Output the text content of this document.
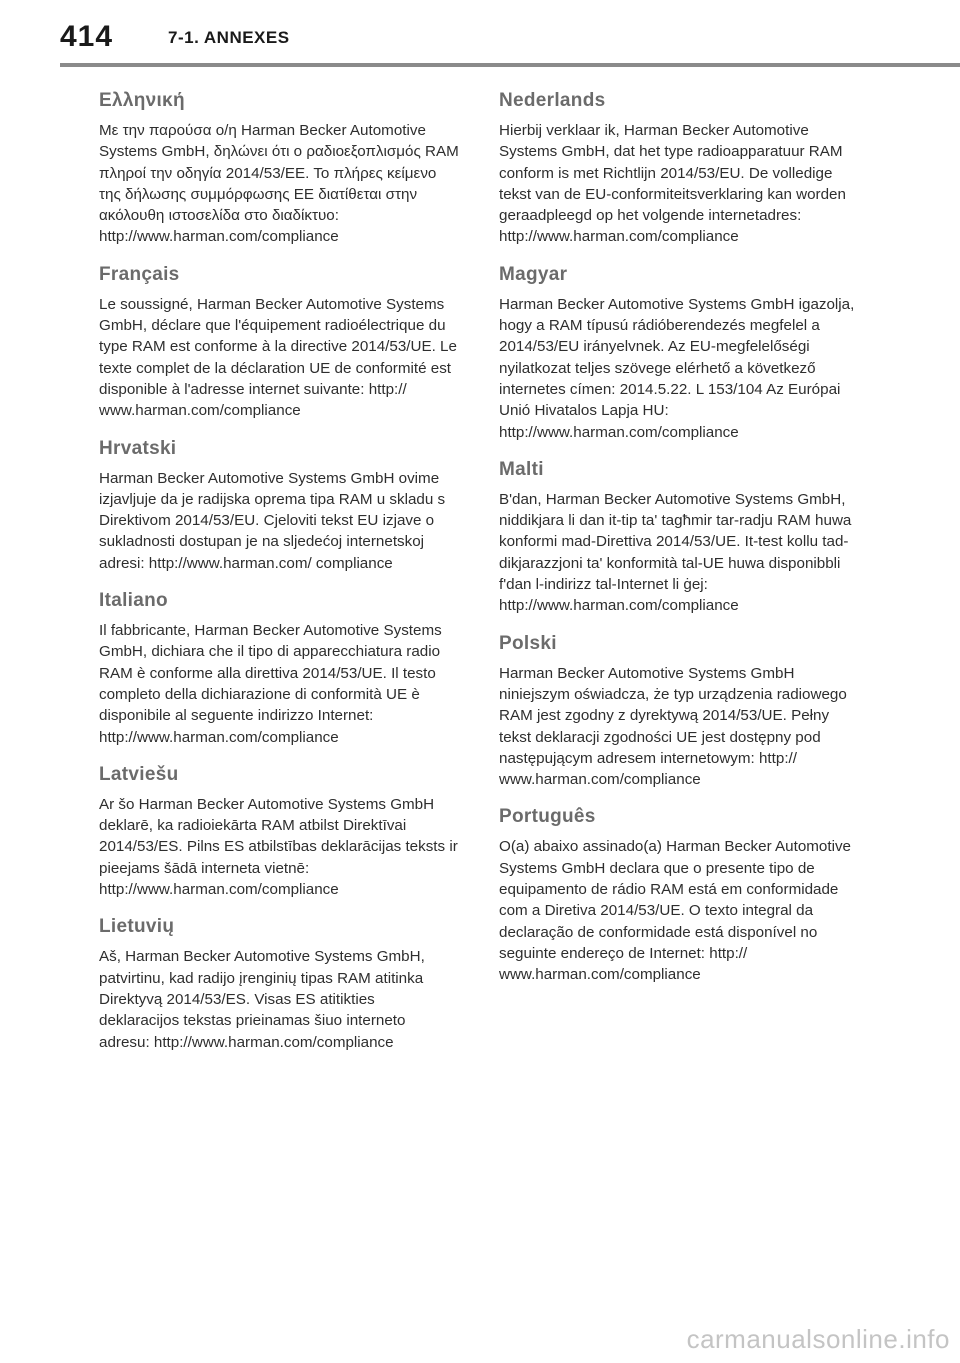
414	7-1. ANNEXES
Ελληνική

Με την παρούσα ο/η Harman Becker Automotive Systems GmbH, δηλώνει ότι ο ραδιοεξοπλισμός RAM πληροί την οδηγία 2014/53/ΕΕ. Το πλήρες κείμενο της δήλωσης συμμόρφωσης ΕΕ διατίθεται στην ακόλουθη ιστοσελίδα στο διαδίκτυο: http://www.harman.com/compliance

Français

Le soussigné, Harman Becker Automotive Systems GmbH, déclare que l'équipement radioélectrique du type RAM est conforme à la directive 2014/53/UE. Le texte complet de la déclaration UE de conformité est disponible à l'adresse internet suivante: http:// www.harman.com/compliance

Hrvatski

Harman Becker Automotive Systems GmbH ovime izjavljuje da je radijska oprema tipa RAM u skladu s Direktivom 2014/53/EU. Cjeloviti tekst EU izjave o sukladnosti dostupan je na sljedećoj internetskoj adresi: http://www.harman.com/ compliance

Italiano

Il fabbricante, Harman Becker Automotive Systems GmbH, dichiara che il tipo di apparecchiatura radio RAM è conforme alla direttiva 2014/53/UE. Il testo completo della dichiarazione di conformità UE è disponibile al seguente indirizzo Internet: http://www.harman.com/compliance

Latviešu

Ar šo Harman Becker Automotive Systems GmbH deklarē, ka radioiekārta RAM atbilst Direktīvai 2014/53/ES. Pilns ES atbilstības deklarācijas teksts ir pieejams šādā interneta vietnē: http://www.harman.com/compliance

Lietuvių

Aš, Harman Becker Automotive Systems GmbH, patvirtinu, kad radijo įrenginių tipas RAM atitinka Direktyvą 2014/53/ES. Visas ES atitikties deklaracijos tekstas prieinamas šiuo interneto adresu: http://www.harman.com/compliance

Nederlands

Hierbij verklaar ik, Harman Becker Automotive Systems GmbH, dat het type radioapparatuur RAM conform is met Richtlijn 2014/53/EU. De volledige tekst van de EU-conformiteitsverklaring kan worden geraadpleegd op het volgende internetadres: http://www.harman.com/compliance

Magyar

Harman Becker Automotive Systems GmbH igazolja, hogy a RAM típusú rádióberendezés megfelel a 2014/53/EU irányelvnek. Az EU-megfelelőségi nyilatkozat teljes szövege elérhető a következő internetes címen: 2014.5.22. L 153/104 Az Európai Unió Hivatalos Lapja HU: http://www.harman.com/compliance

Malti

B'dan, Harman Becker Automotive Systems GmbH, niddikjara li dan it-tip ta' tagħmir tar-radju RAM huwa konformi mad-Direttiva 2014/53/UE. It-test kollu tad-dikjarazzjoni ta' konformità tal-UE huwa disponibbli f'dan l-indirizz tal-Internet li ġej: http://www.harman.com/compliance

Polski

Harman Becker Automotive Systems GmbH niniejszym oświadcza, że typ urządzenia radiowego RAM jest zgodny z dyrektywą 2014/53/UE. Pełny tekst deklaracji zgodności UE jest dostępny pod następującym adresem internetowym: http:// www.harman.com/compliance

Português

O(a) abaixo assinado(a) Harman Becker Automotive Systems GmbH declara que o presente tipo de equipamento de rádio RAM está em conformidade com a Diretiva 2014/53/UE. O texto integral da declaração de conformidade está disponível no seguinte endereço de Internet: http:// www.harman.com/compliance

carmanualsonline.info
